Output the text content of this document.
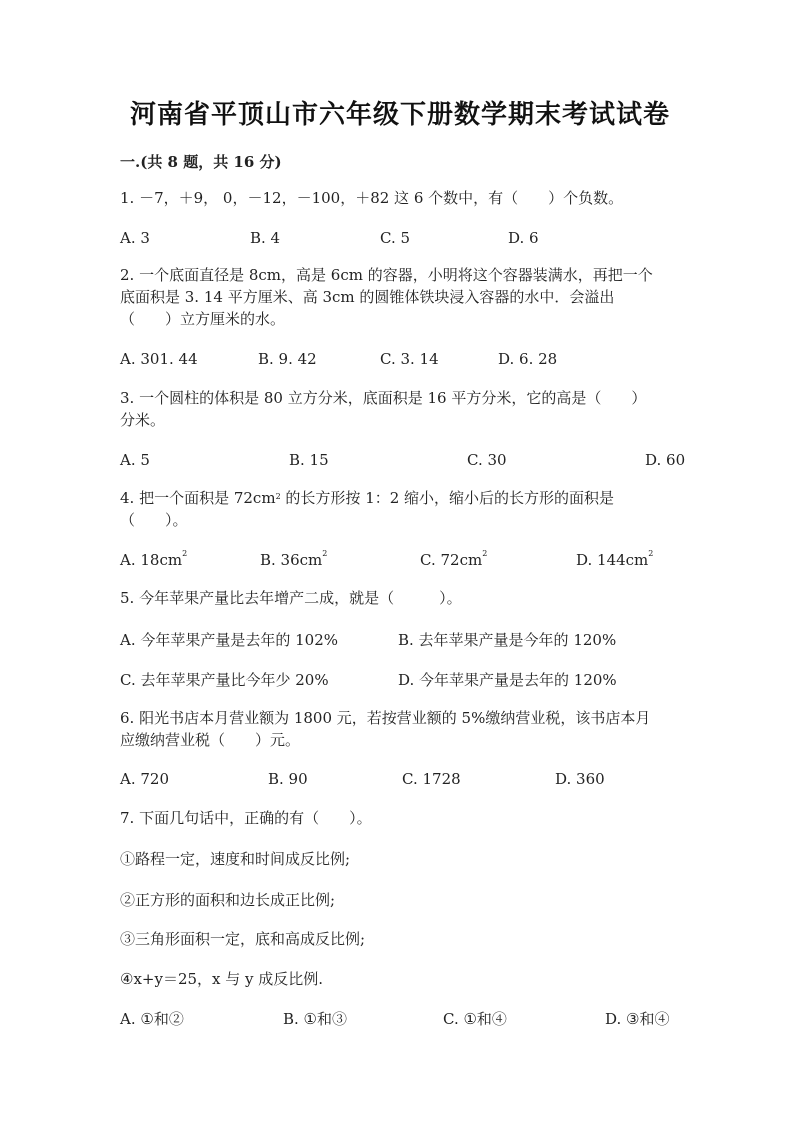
河南省平顶山市六年级下册数学期末考试试卷
一.(共 8 题，共 16 分)
1. －7，＋9， 0，－12，－100，＋82 这 6 个数中，有（　　）个负数。
A. 3	B. 4	C. 5	D. 6
2. 一个底面直径是 8cm，高是 6cm 的容器，小明将这个容器装满水，再把一个
底面积是 3. 14 平方厘米、高 3cm 的圆锥体铁块浸入容器的水中．会溢出
（　　）立方厘米的水。
A. 301. 44	B. 9. 42	C. 3. 14	D. 6. 28
3. 一个圆柱的体积是 80 立方分米，底面积是 16 平方分米，它的高是（　　）
分米。
A. 5	B. 15	C. 30	D. 60
4. 把一个面积是 $72cm^2$ 的长方形按 1：2 缩小，缩小后的长方形的面积是
（　　）。
A. $18cm^2$	B. $36cm^2$	C. $72cm^2$	D. $144cm^2$
5. 今年苹果产量比去年增产二成，就是（　　　）。
A. 今年苹果产量是去年的 102%	B. 去年苹果产量是今年的 120%
C. 去年苹果产量比今年少 20%	D. 今年苹果产量是去年的 120%
6. 阳光书店本月营业额为 1800 元，若按营业额的 5%缴纳营业税，该书店本月
应缴纳营业税（　　）元。
A. 720	B. 90	C. 1728	D. 360
7. 下面几句话中，正确的有（　　）。
①路程一定，速度和时间成反比例;
②正方形的面积和边长成正比例;
③三角形面积一定，底和高成反比例;
④x+y＝25，x 与 y 成反比例.
A. ①和②	B. ①和③	C. ①和④	D. ③和④
